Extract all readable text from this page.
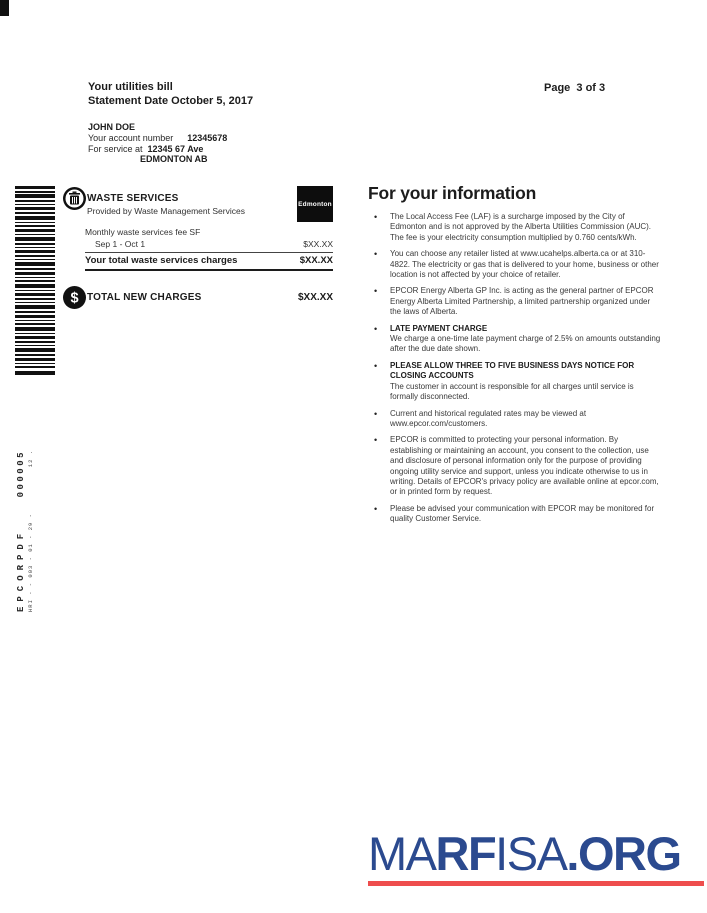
Your utilities bill
Statement Date October 5, 2017
Page  3 of 3
JOHN DOE
Your account number 12345678
For service at 12345 67 Ave
EDMONTON AB
WASTE SERVICES
Provided by Waste Management Services
Edmonton
Monthly waste services fee SF
Sep 1 - Oct 1	$XX.XX
Your total waste services charges	$XX.XX
$ TOTAL NEW CHARGES	$XX.XX
For your information
•	The Local Access Fee (LAF) is a surcharge imposed by the City of Edmonton and is not approved by the Alberta Utilities Commission (AUC). The fee is your electricity consumption multiplied by 0.760 cents/kWh.
•	You can choose any retailer listed at www.ucahelps.alberta.ca or at 310-4822. The electricity or gas that is delivered to your home, business or other location is not affected by your choice of retailer.
•	EPCOR Energy Alberta GP Inc. is acting as the general partner of EPCOR Energy Alberta Limited Partnership, a limited partnership organized under the laws of Alberta.
•	LATE PAYMENT CHARGE
We charge a one-time late payment charge of 2.5% on amounts outstanding after the due date shown.
•	PLEASE ALLOW THREE TO FIVE BUSINESS DAYS NOTICE FOR CLOSING ACCOUNTS
The customer in account is responsible for all charges until service is formally disconnected.
•	Current and historical regulated rates may be viewed at www.epcor.com/customers.
•	EPCOR is committed to protecting your personal information. By establishing or maintaining an account, you consent to the collection, use and disclosure of personal information only for the purpose of providing ongoing utility service and support, unless you indicate otherwise to us in writing. Details of EPCOR's privacy policy are available online at epcor.com, or in printed form by request.
•	Please be advised your communication with EPCOR may be monitored for quality Customer Service.
EPCORPDF
000005
HRI - - 003 - 01 - 29 -
12 .
MARFISA.ORG
